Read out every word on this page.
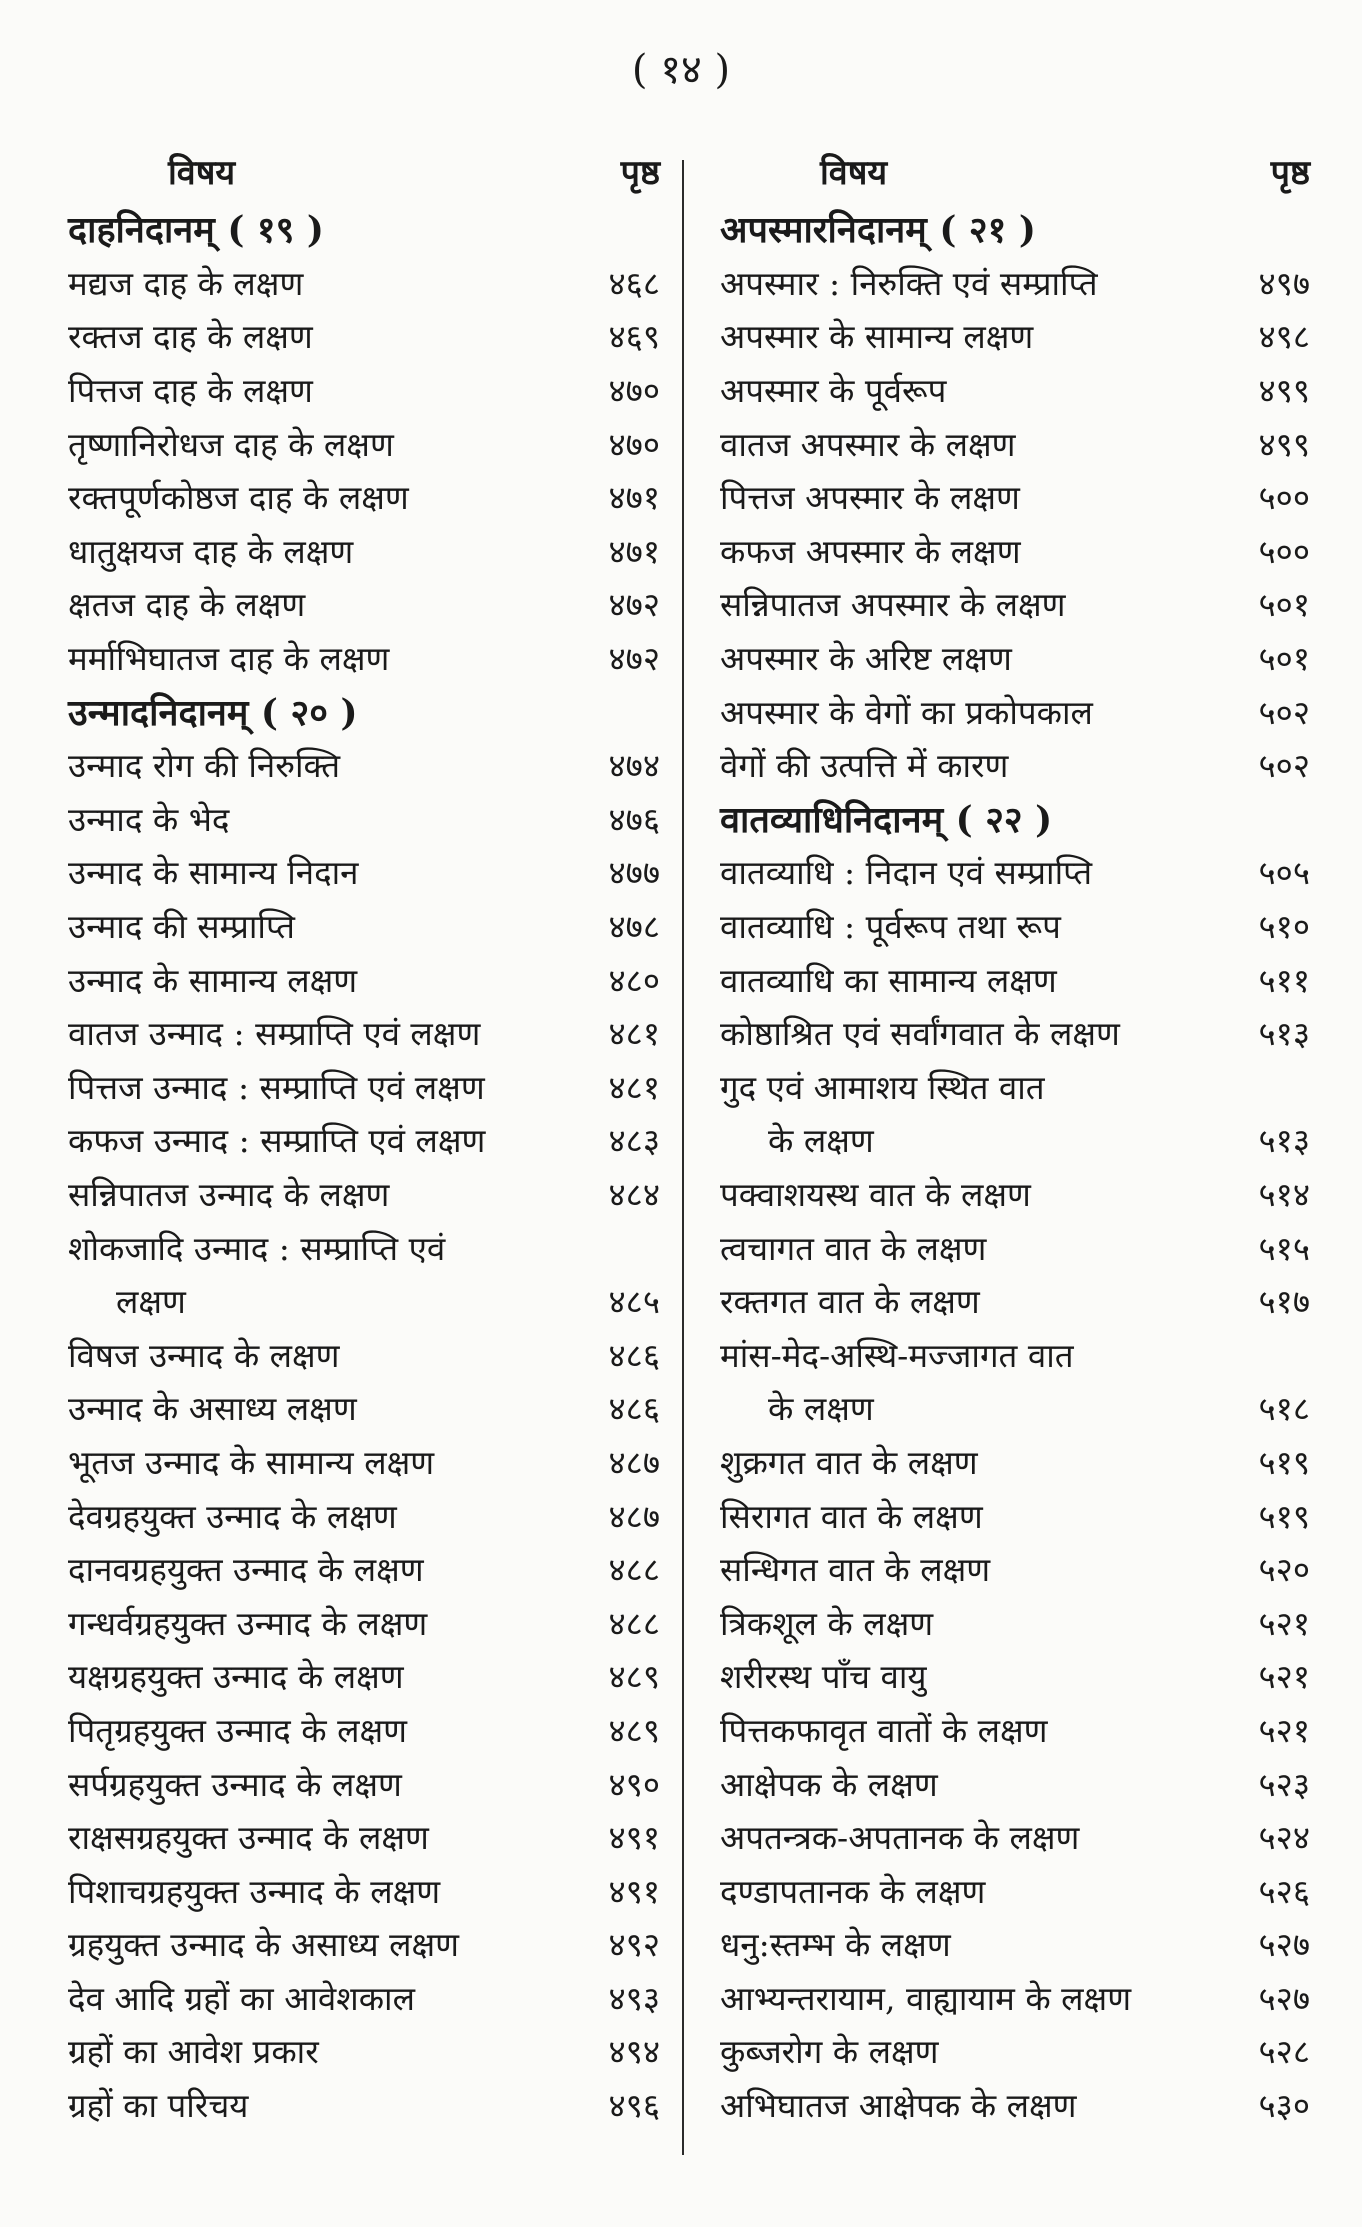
( १४ )
विषय	पृष्ठ
दाहनिदानम् ( १९ )
मद्यज दाह के लक्षण	४६८
रक्तज दाह के लक्षण	४६९
पित्तज दाह के लक्षण	४७०
तृष्णानिरोधज दाह के लक्षण	४७०
रक्तपूर्णकोष्ठज दाह के लक्षण	४७१
धातुक्षयज दाह के लक्षण	४७१
क्षतज दाह के लक्षण	४७२
मर्माभिघातज दाह के लक्षण	४७२
उन्मादनिदानम् ( २० )
उन्माद रोग की निरुक्ति	४७४
उन्माद के भेद	४७६
उन्माद के सामान्य निदान	४७७
उन्माद की सम्प्राप्ति	४७८
उन्माद के सामान्य लक्षण	४८०
वातज उन्माद : सम्प्राप्ति एवं लक्षण	४८१
पित्तज उन्माद : सम्प्राप्ति एवं लक्षण	४८१
कफज उन्माद : सम्प्राप्ति एवं लक्षण	४८३
सन्निपातज उन्माद के लक्षण	४८४
शोकजादि उन्माद : सम्प्राप्ति एवं
लक्षण	४८५
विषज उन्माद के लक्षण	४८६
उन्माद के असाध्य लक्षण	४८६
भूतज उन्माद के सामान्य लक्षण	४८७
देवग्रहयुक्त उन्माद के लक्षण	४८७
दानवग्रहयुक्त उन्माद के लक्षण	४८८
गन्धर्वग्रहयुक्त उन्माद के लक्षण	४८८
यक्षग्रहयुक्त उन्माद के लक्षण	४८९
पितृग्रहयुक्त उन्माद के लक्षण	४८९
सर्पग्रहयुक्त उन्माद के लक्षण	४९०
राक्षसग्रहयुक्त उन्माद के लक्षण	४९१
पिशाचग्रहयुक्त उन्माद के लक्षण	४९१
ग्रहयुक्त उन्माद के असाध्य लक्षण	४९२
देव आदि ग्रहों का आवेशकाल	४९३
ग्रहों का आवेश प्रकार	४९४
ग्रहों का परिचय	४९६
विषय	पृष्ठ
अपस्मारनिदानम् ( २१ )
अपस्मार : निरुक्ति एवं सम्प्राप्ति	४९७
अपस्मार के सामान्य लक्षण	४९८
अपस्मार के पूर्वरूप	४९९
वातज अपस्मार के लक्षण	४९९
पित्तज अपस्मार के लक्षण	५००
कफज अपस्मार के लक्षण	५००
सन्निपातज अपस्मार के लक्षण	५०१
अपस्मार के अरिष्ट लक्षण	५०१
अपस्मार के वेगों का प्रकोपकाल	५०२
वेगों की उत्पत्ति में कारण	५०२
वातव्याधिनिदानम् ( २२ )
वातव्याधि : निदान एवं सम्प्राप्ति	५०५
वातव्याधि : पूर्वरूप तथा रूप	५१०
वातव्याधि का सामान्य लक्षण	५११
कोष्ठाश्रित एवं सर्वांगवात के लक्षण	५१३
गुद एवं आमाशय स्थित वात
के लक्षण	५१३
पक्वाशयस्थ वात के लक्षण	५१४
त्वचागत वात के लक्षण	५१५
रक्तगत वात के लक्षण	५१७
मांस-मेद-अस्थि-मज्जागत वात
के लक्षण	५१८
शुक्रगत वात के लक्षण	५१९
सिरागत वात के लक्षण	५१९
सन्धिगत वात के लक्षण	५२०
त्रिकशूल के लक्षण	५२१
शरीरस्थ पाँच वायु	५२१
पित्तकफावृत वातों के लक्षण	५२१
आक्षेपक के लक्षण	५२३
अपतन्त्रक-अपतानक के लक्षण	५२४
दण्डापतानक के लक्षण	५२६
धनु:स्तम्भ के लक्षण	५२७
आभ्यन्तरायाम, वाह्यायाम के लक्षण	५२७
कुब्जरोग के लक्षण	५२८
अभिघातज आक्षेपक के लक्षण	५३०
